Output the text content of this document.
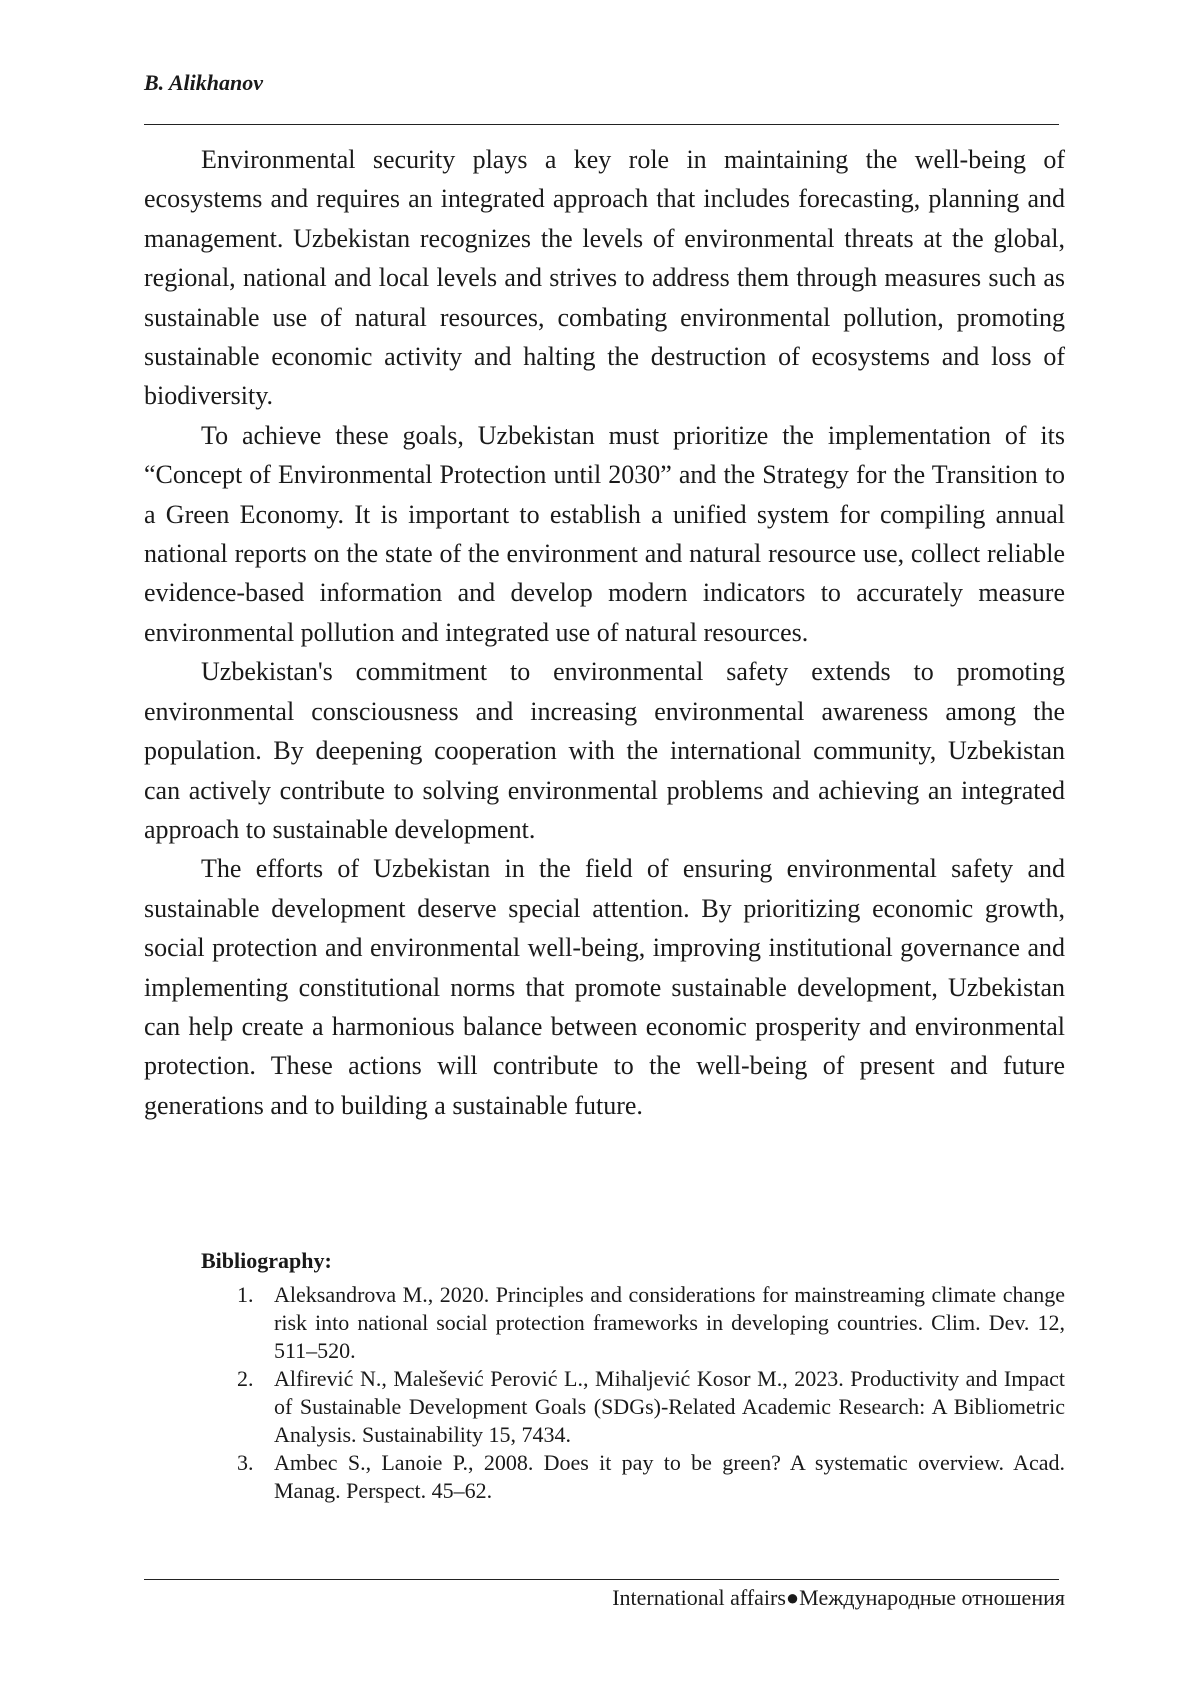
B. Alikhanov

Environmental security plays a key role in maintaining the well-being of ecosystems and requires an integrated approach that includes forecasting, planning and management. Uzbekistan recognizes the levels of environmental threats at the global, regional, national and local levels and strives to address them through measures such as sustainable use of natural resources, combating environmental pollution, promoting sustainable economic activity and halting the destruction of ecosystems and loss of biodiversity.

To achieve these goals, Uzbekistan must prioritize the implementation of its “Concept of Environmental Protection until 2030” and the Strategy for the Transition to a Green Economy. It is important to establish a unified system for compiling annual national reports on the state of the environment and natural resource use, collect reliable evidence-based information and develop modern indicators to accurately measure environmental pollution and integrated use of natural resources.

Uzbekistan's commitment to environmental safety extends to promoting environmental consciousness and increasing environmental awareness among the population. By deepening cooperation with the international community, Uzbekistan can actively contribute to solving environmental problems and achieving an integrated approach to sustainable development.

The efforts of Uzbekistan in the field of ensuring environmental safety and sustainable development deserve special attention. By prioritizing economic growth, social protection and environmental well-being, improving institutional governance and implementing constitutional norms that promote sustainable development, Uzbekistan can help create a harmonious balance between economic prosperity and environmental protection. These actions will contribute to the well-being of present and future generations and to building a sustainable future.

Bibliography:
1. Aleksandrova M., 2020. Principles and considerations for mainstreaming climate change risk into national social protection frameworks in developing countries. Clim. Dev. 12, 511–520.
2. Alfirević N., Malešević Perović L., Mihaljević Kosor M., 2023. Productivity and Impact of Sustainable Development Goals (SDGs)-Related Academic Research: A Bibliometric Analysis. Sustainability 15, 7434.
3. Ambec S., Lanoie P., 2008. Does it pay to be green? A systematic overview. Acad. Manag. Perspect. 45–62.
International affairs●Международные отношения
